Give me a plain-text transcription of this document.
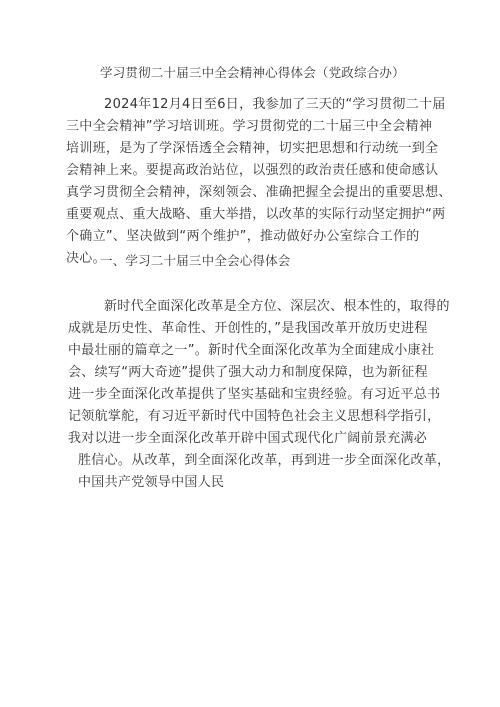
学习贯彻二十届三中全会精神心得体会（党政综合办）
2024年12月4日至6日，我参加了三天的“学习贯彻二十届
三中全会精神”学习培训班。学习贯彻党的二十届三中全会精神
培训班，是为了学深悟透全会精神，切实把思想和行动统一到全
会精神上来。要提高政治站位，以强烈的政治责任感和使命感认
真学习贯彻全会精神，深刻领会、准确把握全会提出的重要思想、
重要观点、重大战略、重大举措，以改革的实际行动坚定拥护“两
个确立”、坚决做到“两个维护”，推动做好办公室综合工作的
决心。
一、学习二十届三中全会心得体会
新时代全面深化改革是全方位、深层次、根本性的，取得的
成就是历史性、革命性、开创性的，”是我国改革开放历史进程
中最壮丽的篇章之一”。新时代全面深化改革为全面建成小康社
会、续写“两大奇迹”提供了强大动力和制度保障，也为新征程
进一步全面深化改革提供了坚实基础和宝贵经验。有习近平总书
记领航掌舵，有习近平新时代中国特色社会主义思想科学指引，
我对以进一步全面深化改革开辟中国式现代化广阔前景充满必
胜信心。从改革，到全面深化改革，再到进一步全面深化改革，
中国共产党领导中国人民
